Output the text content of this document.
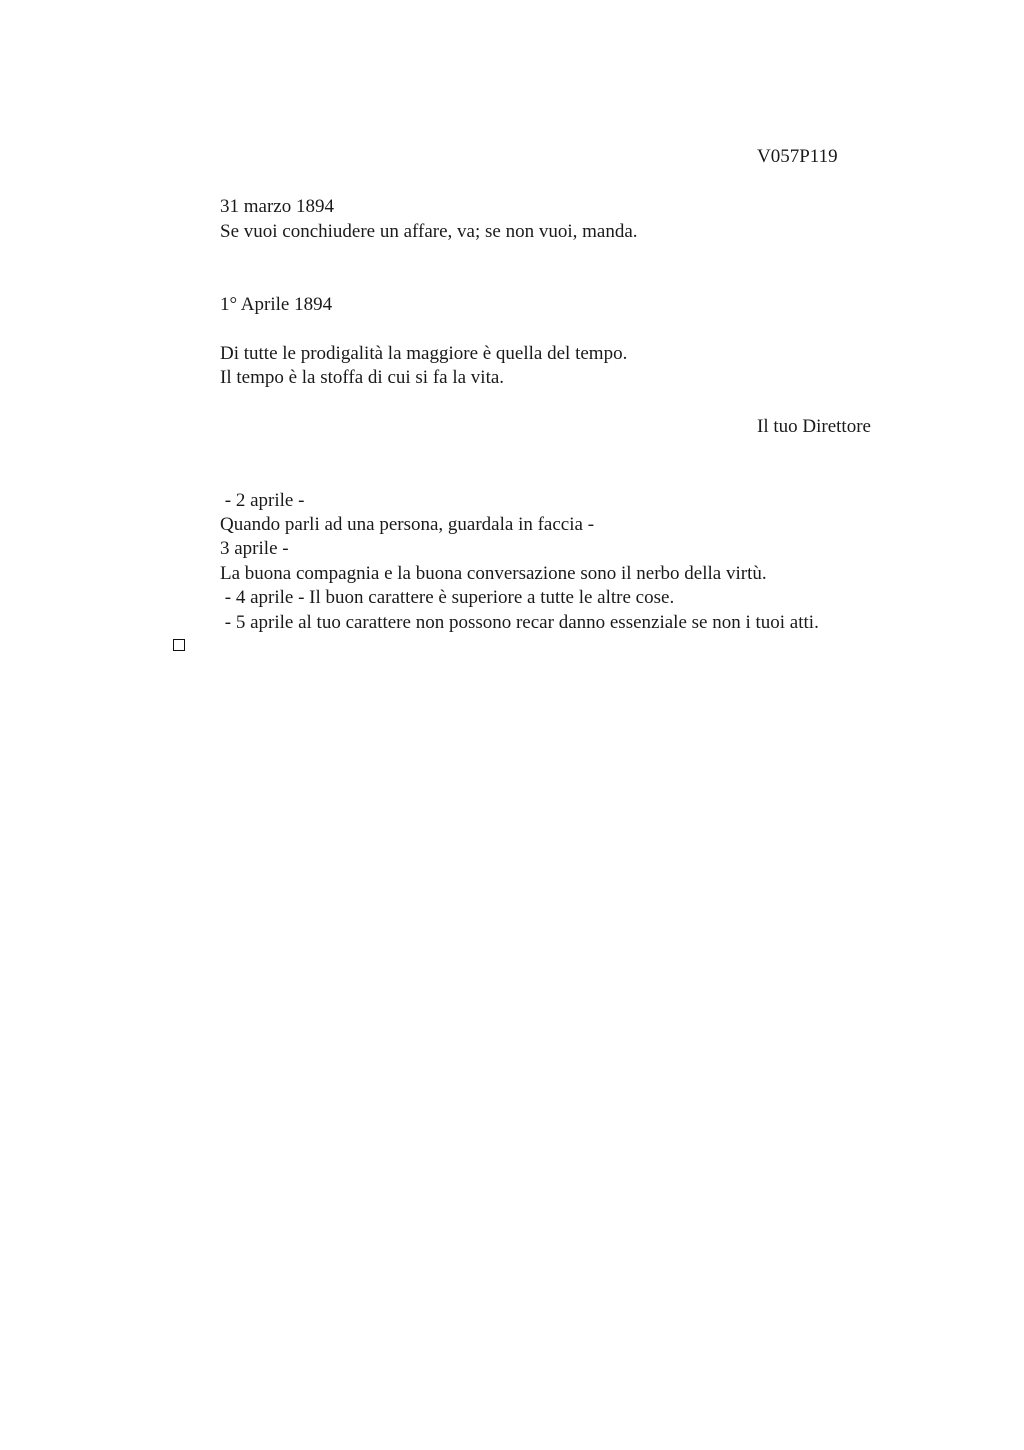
V057P119
31 marzo 1894
Se vuoi conchiudere un affare, va; se non vuoi, manda.
1° Aprile 1894
Di tutte le prodigalità la maggiore è quella del tempo.
Il tempo è la stoffa di cui si fa la vita.
Il tuo Direttore
- 2 aprile -
Quando parli ad una persona, guardala in faccia -
3 aprile -
La buona compagnia e la buona conversazione sono il nerbo della virtù.
- 4 aprile - Il buon carattere è superiore a tutte le altre cose.
- 5 aprile al tuo carattere non possono recar danno essenziale se non i tuoi atti.
